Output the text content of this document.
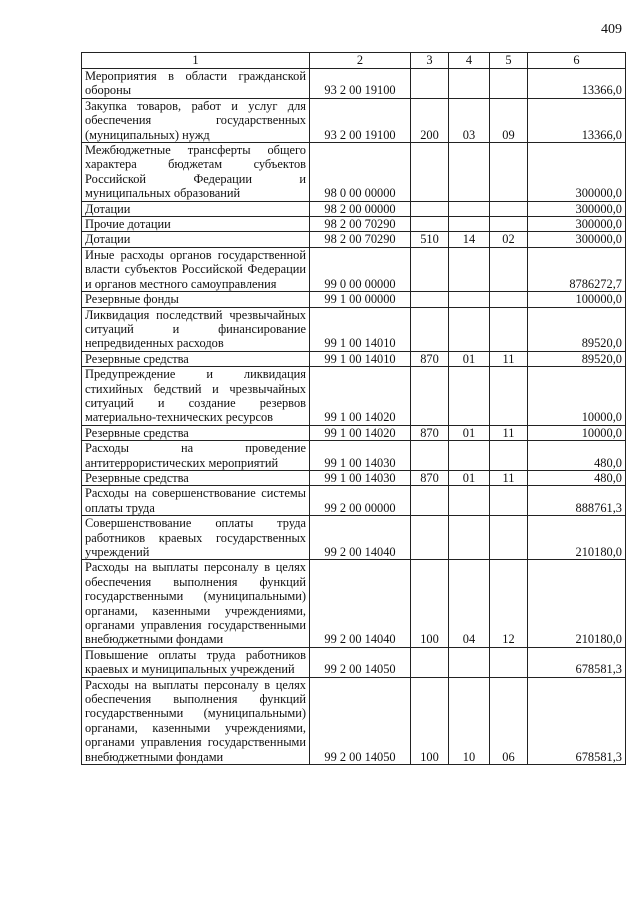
409
1	2	3	4	5	6
Мероприятия в области гражданской обороны	93 2 00 19100				13366,0
Закупка товаров, работ и услуг для обеспечения государственных (муниципальных) нужд	93 2 00 19100	200	03	09	13366,0
Межбюджетные трансферты общего характера бюджетам субъектов Российской Федерации и муниципальных образований	98 0 00 00000				300000,0
Дотации	98 2 00 00000				300000,0
Прочие дотации	98 2 00 70290				300000,0
Дотации	98 2 00 70290	510	14	02	300000,0
Иные расходы органов государственной власти субъектов Российской Федерации и органов местного самоуправления	99 0 00 00000				8786272,7
Резервные фонды	99 1 00 00000				100000,0
Ликвидация последствий чрезвычайных ситуаций и финансирование непредвиденных расходов	99 1 00 14010				89520,0
Резервные средства	99 1 00 14010	870	01	11	89520,0
Предупреждение и ликвидация стихийных бедствий и чрезвычайных ситуаций и создание резервов материально-технических ресурсов	99 1 00 14020				10000,0
Резервные средства	99 1 00 14020	870	01	11	10000,0
Расходы на проведение антитеррористических мероприятий	99 1 00 14030				480,0
Резервные средства	99 1 00 14030	870	01	11	480,0
Расходы на совершенствование системы оплаты труда	99 2 00 00000				888761,3
Совершенствование оплаты труда работников краевых государственных учреждений	99 2 00 14040				210180,0
Расходы на выплаты персоналу в целях обеспечения выполнения функций государственными (муниципальными) органами, казенными учреждениями, органами управления государственными внебюджетными фондами	99 2 00 14040	100	04	12	210180,0
Повышение оплаты труда работников краевых и муниципальных учреждений	99 2 00 14050				678581,3
Расходы на выплаты персоналу в целях обеспечения выполнения функций государственными (муниципальными) органами, казенными учреждениями, органами управления государственными внебюджетными фондами	99 2 00 14050	100	10	06	678581,3
